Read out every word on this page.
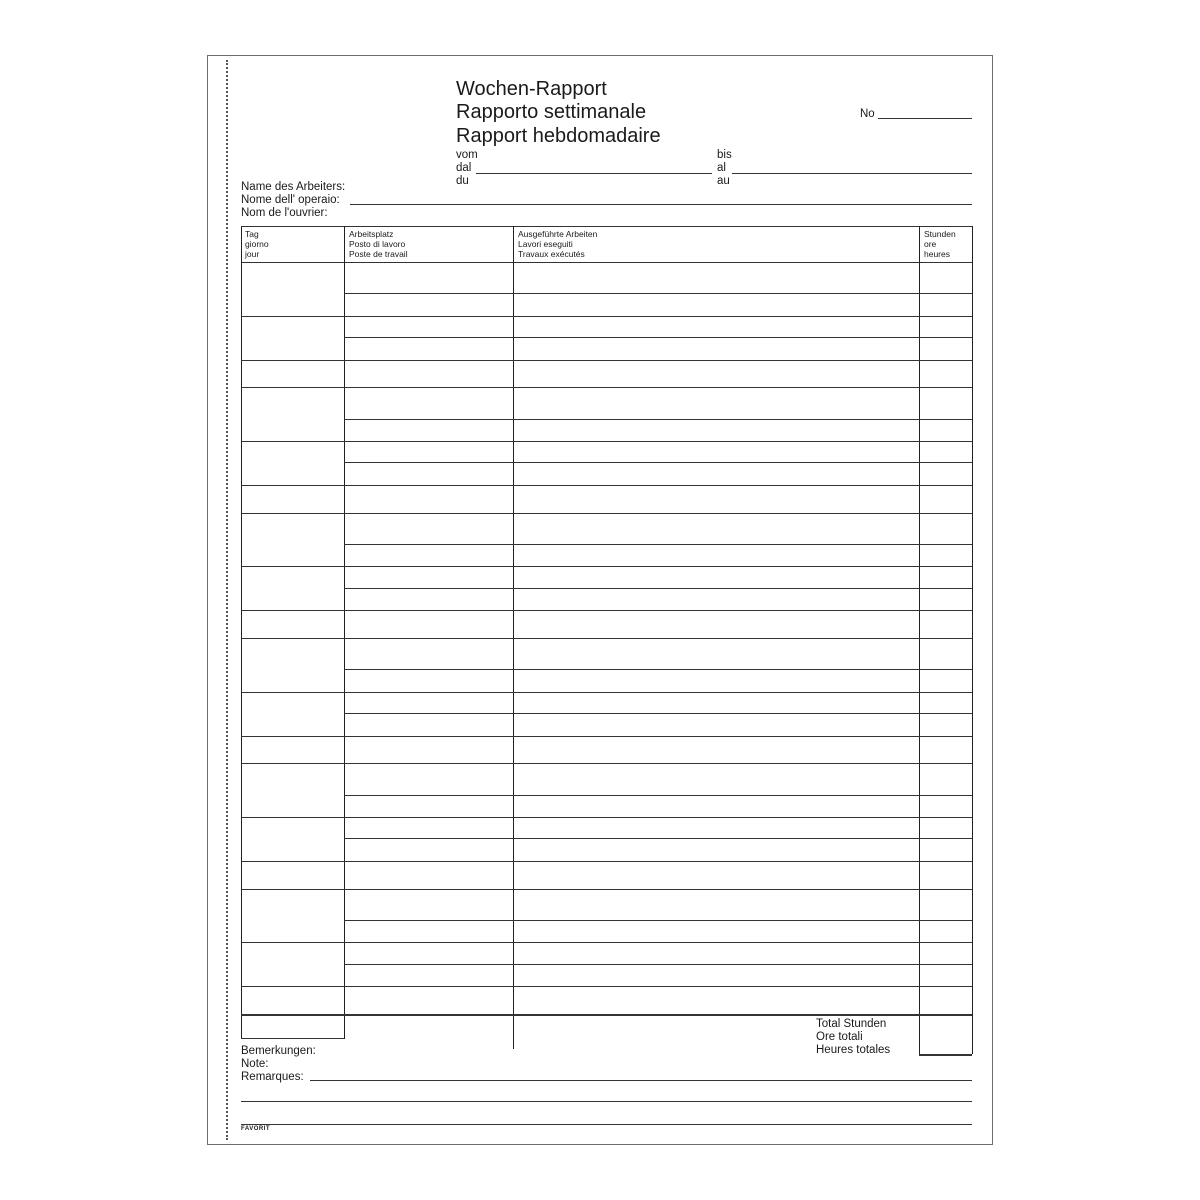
Wochen-Rapport
Rapporto settimanale
Rapport hebdomadaire
No
vom
dal
du
bis
al
au
Name des Arbeiters:
Nome dell' operaio:
Nom de l'ouvrier:
Tag
giorno
jour
Arbeitsplatz
Posto di lavoro
Poste de travail
Ausgeführte Arbeiten
Lavori eseguiti
Travaux exécutés
Stunden
ore
heures
Total Stunden
Ore totali
Heures totales
Bemerkungen:
Note:
Remarques:
FAVORIT
